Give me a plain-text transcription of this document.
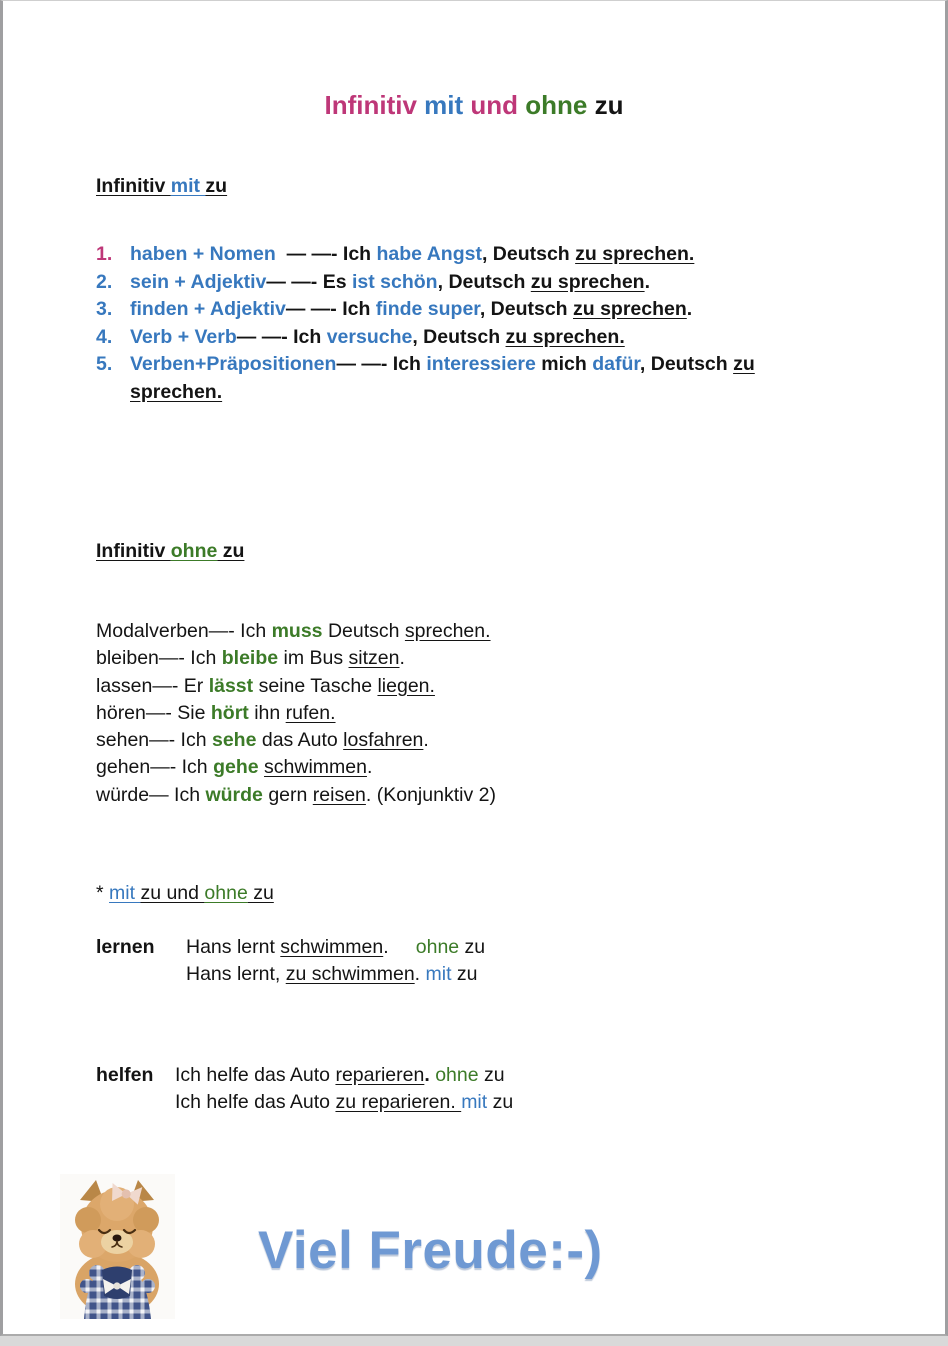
Infinitiv mit und ohne zu
Infinitiv mit zu
1. haben + Nomen  — —- Ich habe Angst, Deutsch zu sprechen.
2. sein + Adjektiv— —- Es ist schön, Deutsch zu sprechen.
3. finden + Adjektiv— —- Ich finde super, Deutsch zu sprechen.
4. Verb + Verb— —- Ich versuche, Deutsch zu sprechen.
5. Verben+Präpositionen— —- Ich interessiere mich dafür, Deutsch zu
sprechen.
Infinitiv ohne zu
Modalverben—- Ich muss Deutsch sprechen.
bleiben—- Ich bleibe im Bus sitzen.
lassen—- Er lässt seine Tasche liegen.
hören—- Sie hört ihn rufen.
sehen—- Ich sehe das Auto losfahren.
gehen—- Ich gehe schwimmen.
würde— Ich würde gern reisen. (Konjunktiv 2)
* mit zu und ohne zu
lernen	Hans lernt schwimmen.     ohne zu
Hans lernt, zu schwimmen. mit zu
helfen	Ich helfe das Auto reparieren. ohne zu
Ich helfe das Auto zu reparieren. mit zu
Viel Freude:-)
